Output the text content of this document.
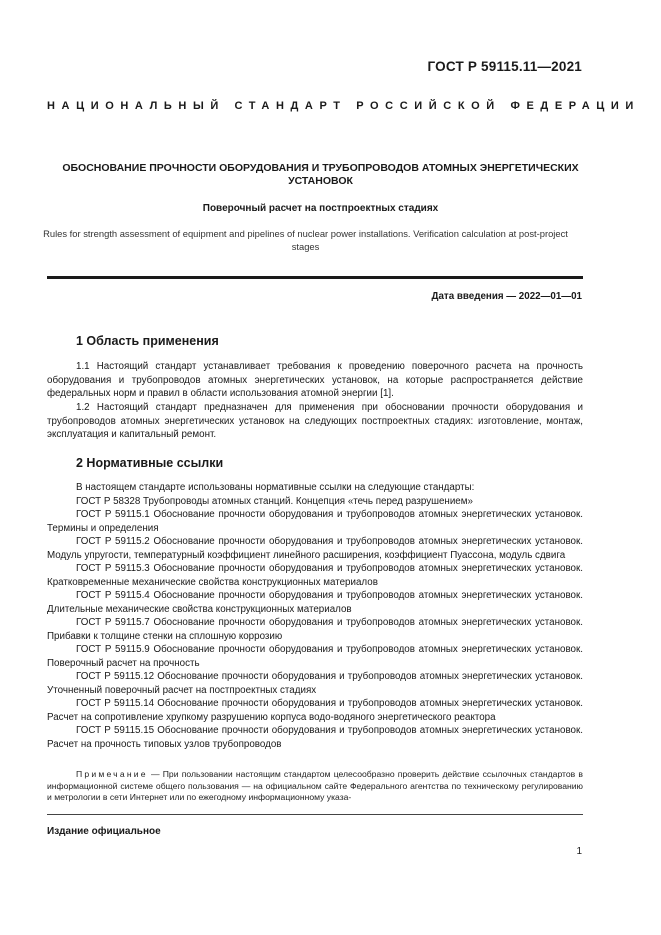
ГОСТ Р 59115.11—2021
НАЦИОНАЛЬНЫЙ СТАНДАРТ РОССИЙСКОЙ ФЕДЕРАЦИИ
ОБОСНОВАНИЕ ПРОЧНОСТИ ОБОРУДОВАНИЯ И ТРУБОПРОВОДОВ АТОМНЫХ ЭНЕРГЕТИЧЕСКИХ УСТАНОВОК
Поверочный расчет на постпроектных стадиях
Rules for strength assessment of equipment and pipelines of nuclear power installations. Verification calculation at post-project stages
Дата введения — 2022—01—01
1 Область применения

1.1 Настоящий стандарт устанавливает требования к проведению поверочного расчета на прочность оборудования и трубопроводов атомных энергетических установок, на которые распространяется действие федеральных норм и правил в области использования атомной энергии [1].

1.2 Настоящий стандарт предназначен для применения при обосновании прочности оборудования и трубопроводов атомных энергетических установок на следующих постпроектных стадиях: изготовление, монтаж, эксплуатация и капитальный ремонт.

2 Нормативные ссылки
В настоящем стандарте использованы нормативные ссылки на следующие стандарты:
ГОСТ Р 58328 Трубопроводы атомных станций. Концепция «течь перед разрушением»
ГОСТ Р 59115.1 Обоснование прочности оборудования и трубопроводов атомных энергетических установок. Термины и определения
ГОСТ Р 59115.2 Обоснование прочности оборудования и трубопроводов атомных энергетических установок. Модуль упругости, температурный коэффициент линейного расширения, коэффициент Пуассона, модуль сдвига
ГОСТ Р 59115.3 Обоснование прочности оборудования и трубопроводов атомных энергетических установок. Кратковременные механические свойства конструкционных материалов
ГОСТ Р 59115.4 Обоснование прочности оборудования и трубопроводов атомных энергетических установок. Длительные механические свойства конструкционных материалов
ГОСТ Р 59115.7 Обоснование прочности оборудования и трубопроводов атомных энергетических установок. Прибавки к толщине стенки на сплошную коррозию
ГОСТ Р 59115.9 Обоснование прочности оборудования и трубопроводов атомных энергетических установок. Поверочный расчет на прочность
ГОСТ Р 59115.12 Обоснование прочности оборудования и трубопроводов атомных энергетических установок. Уточненный поверочный расчет на постпроектных стадиях
ГОСТ Р 59115.14 Обоснование прочности оборудования и трубопроводов атомных энергетических установок. Расчет на сопротивление хрупкому разрушению корпуса водо-водяного энергетического реактора
ГОСТ Р 59115.15 Обоснование прочности оборудования и трубопроводов атомных энергетических установок. Расчет на прочность типовых узлов трубопроводов
Примечание — При пользовании настоящим стандартом целесообразно проверить действие ссылочных стандартов в информационной системе общего пользования — на официальном сайте Федерального агентства по техническому регулированию и метрологии в сети Интернет или по ежегодному информационному указа-
Издание официальное
1
